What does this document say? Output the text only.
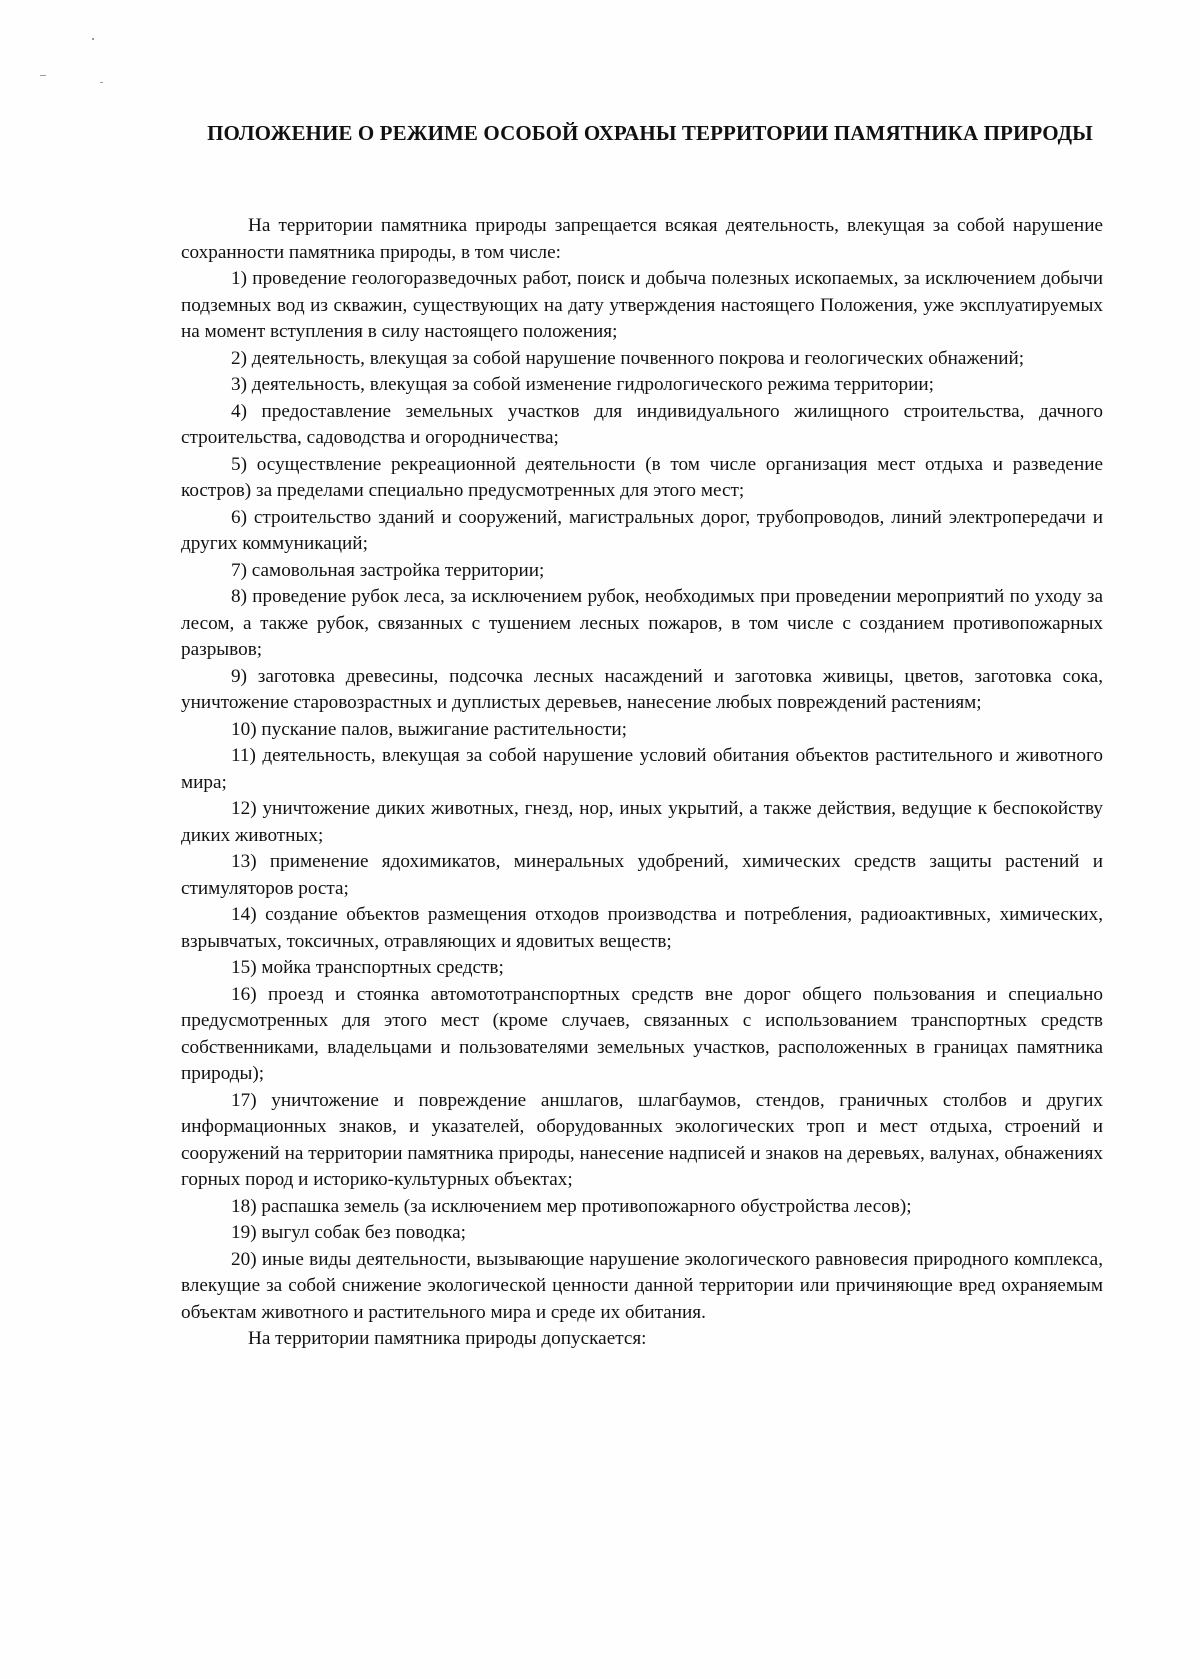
ПОЛОЖЕНИЕ О РЕЖИМЕ ОСОБОЙ ОХРАНЫ ТЕРРИТОРИИ ПАМЯТНИКА ПРИРОДЫ

На территории памятника природы запрещается всякая деятельность, влекущая за собой нарушение сохранности памятника природы, в том числе:

1) проведение геологоразведочных работ, поиск и добыча полезных ископаемых, за исключением добычи подземных вод из скважин, существующих на дату утверждения настоящего Положения, уже эксплуатируемых на момент вступления в силу настоящего положения;

2) деятельность, влекущая за собой нарушение почвенного покрова и геологических обнажений;

3) деятельность, влекущая за собой изменение гидрологического режима территории;

4) предоставление земельных участков для индивидуального жилищного строительства, дачного строительства, садоводства и огородничества;

5) осуществление рекреационной деятельности (в том числе организация мест отдыха и разведение костров) за пределами специально предусмотренных для этого мест;

6) строительство зданий и сооружений, магистральных дорог, трубопроводов, линий электропередачи и других коммуникаций;

7) самовольная застройка территории;

8) проведение рубок леса, за исключением рубок, необходимых при проведении мероприятий по уходу за лесом, а также рубок, связанных с тушением лесных пожаров, в том числе с созданием противопожарных разрывов;

9) заготовка древесины, подсочка лесных насаждений и заготовка живицы, цветов, заготовка сока, уничтожение старовозрастных и дуплистых деревьев, нанесение любых повреждений растениям;

10) пускание палов, выжигание растительности;

11) деятельность, влекущая за собой нарушение условий обитания объектов растительного и животного мира;

12) уничтожение диких животных, гнезд, нор, иных укрытий, а также действия, ведущие к беспокойству диких животных;

13) применение ядохимикатов, минеральных удобрений, химических средств защиты растений и стимуляторов роста;

14) создание объектов размещения отходов производства и потребления, радиоактивных, химических, взрывчатых, токсичных, отравляющих и ядовитых веществ;

15) мойка транспортных средств;

16) проезд и стоянка автомототранспортных средств вне дорог общего пользования и специально предусмотренных для этого мест (кроме случаев, связанных с использованием транспортных средств собственниками, владельцами и пользователями земельных участков, расположенных в границах памятника природы);

17) уничтожение и повреждение аншлагов, шлагбаумов, стендов, граничных столбов и других информационных знаков, и указателей, оборудованных экологических троп и мест отдыха, строений и сооружений на территории памятника природы, нанесение надписей и знаков на деревьях, валунах, обнажениях горных пород и историко-культурных объектах;

18) распашка земель (за исключением мер противопожарного обустройства лесов);

19) выгул собак без поводка;

20) иные виды деятельности, вызывающие нарушение экологического равновесия природного комплекса, влекущие за собой снижение экологической ценности данной территории или причиняющие вред охраняемым объектам животного и растительного мира и среде их обитания.

На территории памятника природы допускается:
